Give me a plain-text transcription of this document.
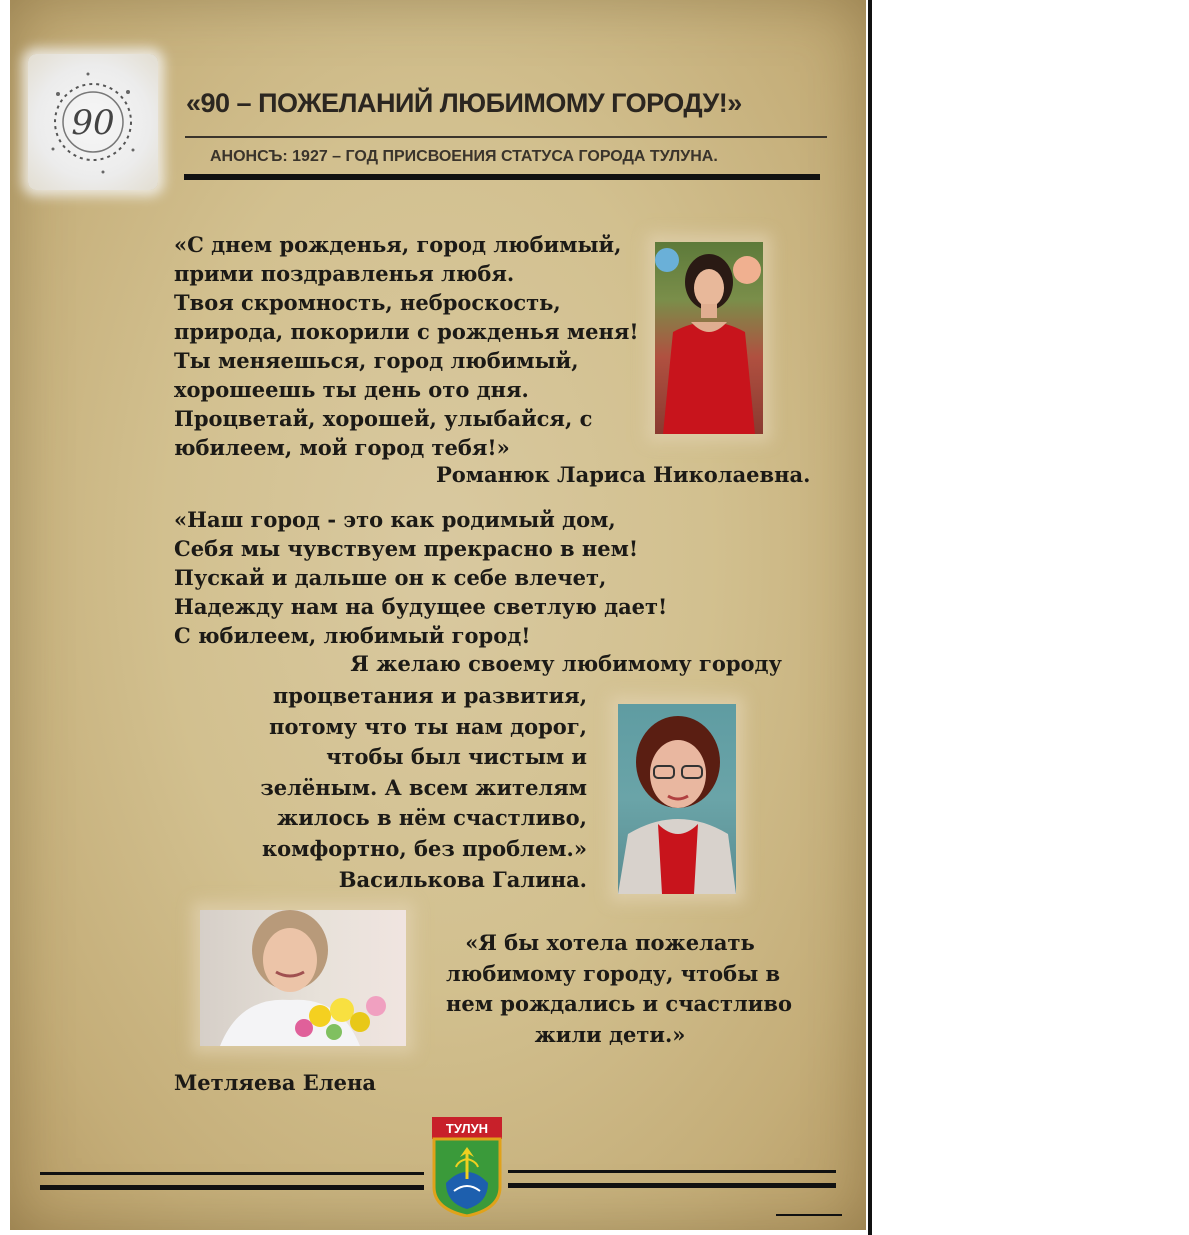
90	«90 – ПОЖЕЛАНИЙ ЛЮБИМОМУ ГОРОДУ!»
АНОНСЪ: 1927 – ГОД ПРИСВОЕНИЯ СТАТУСА ГОРОДА ТУЛУНА.
«С днем рожденья, город любимый,
прими поздравленья любя.
Твоя скромность, неброскость,
природа, покорили с рожденья меня!
Ты меняешься, город любимый,
хорошеешь ты день ото дня.
Процветай, хорошей, улыбайся, с
юбилеем, мой город тебя!»
Романюк Лариса Николаевна.
«Наш город - это как родимый дом,
Себя мы чувствуем прекрасно в нем!
Пускай и дальше он к себе влечет,
Надежду нам на будущее светлую дает!
С юбилеем, любимый город!
Я желаю своему любимому городу
процветания и развития,
потому что ты нам дорог,
чтобы был чистым и
зелёным. А всем жителям
жилось в нём счастливо,
комфортно, без проблем.»
Василькова Галина.
«Я бы хотела пожелать
любимому городу, чтобы в
нем рождались и счастливо
жили дети.»
Метляева Елена
ТУЛУН
